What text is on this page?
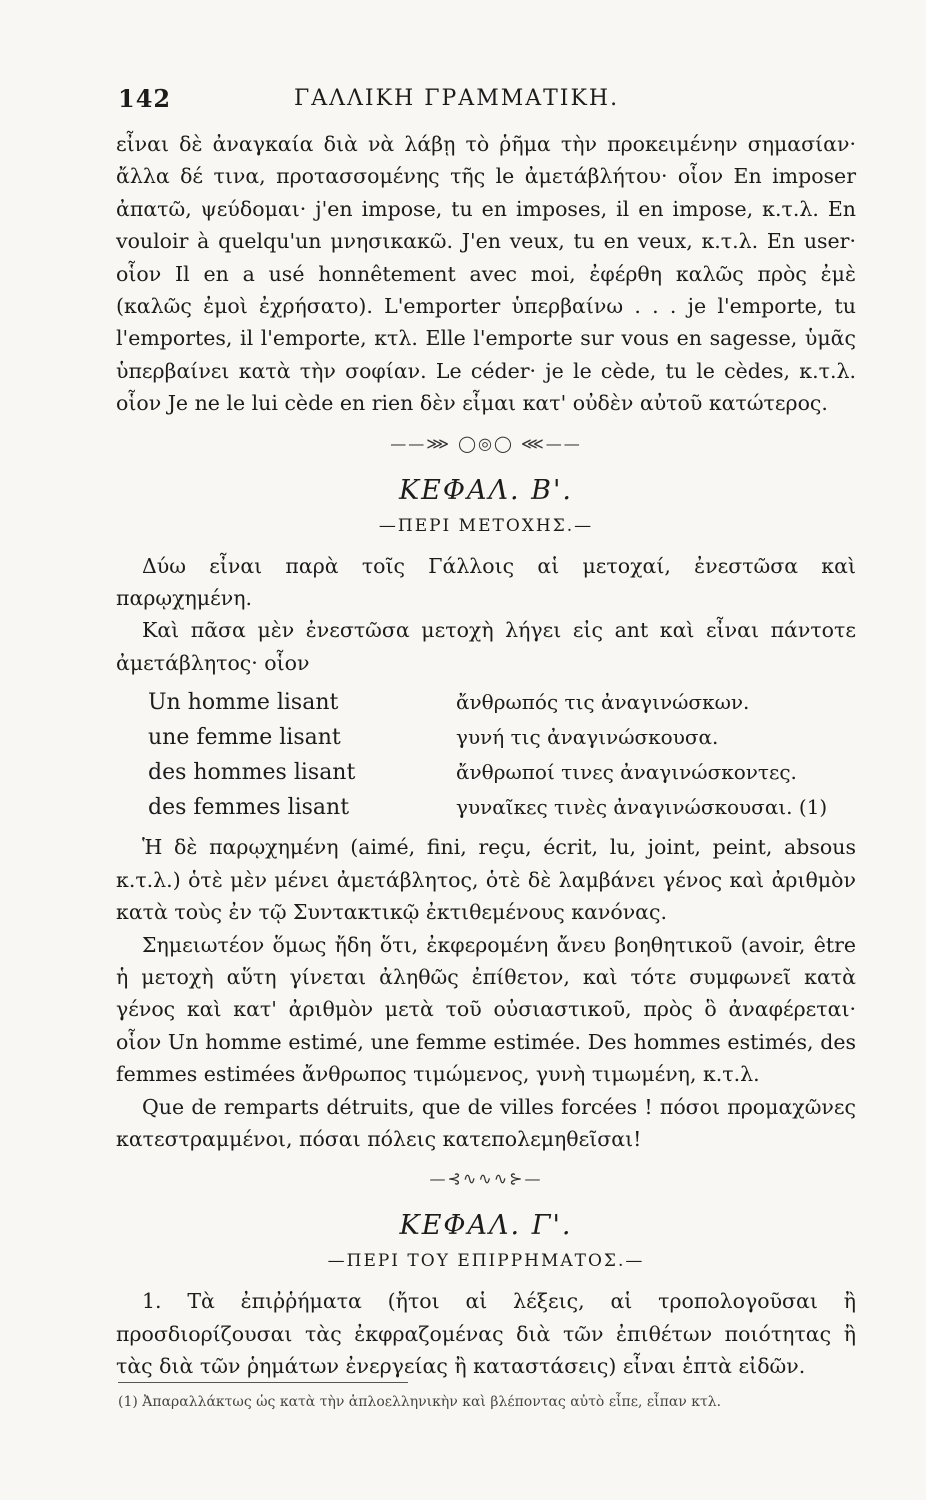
142	ΓΑΛΛΙΚΗ ΓΡΑΜΜΑΤΙΚΗ.

εἶναι δὲ ἀναγκαία διὰ νὰ λάβῃ τὸ ῥῆμα τὴν προκειμένην σημασίαν· ἄλλα δέ τινα, προτασσομένης τῆς le ἀμετάβλήτου· οἷον En imposer ἀπατῶ, ψεύδομαι· j'en impose, tu en imposes, il en impose, κ.τ.λ. En vouloir à quelqu'un μνησικακῶ. J'en veux, tu en veux, κ.τ.λ. En user· οἷον Il en a usé honnêtement avec moi, ἐφέρθη καλῶς πρὸς ἐμὲ (καλῶς ἐμοὶ ἐχρήσατο). L'emporter ὑπερβαίνω . . . je l'emporte, tu l'emportes, il l'emporte, κτλ. Elle l'emporte sur vous en sagesse, ὑμᾶς ὑπερβαίνει κατὰ τὴν σοφίαν. Le céder· je le cède, tu le cèdes, κ.τ.λ. οἷον Je ne le lui cède en rien δὲν εἶμαι κατ' οὐδὲν αὐτοῦ κατώτερος.

——⋙ ◯◎◯ ⋘——
ΚΕΦΑΛ. Β'.
—ΠΕΡΙ ΜΕΤΟΧΗΣ.—

Δύω εἶναι παρὰ τοῖς Γάλλοις αἱ μετοχαί, ἐνεστῶσα καὶ παρῳχημένη.

Καὶ πᾶσα μὲν ἐνεστῶσα μετοχὴ λήγει εἰς ant καὶ εἶναι πάντοτε ἀμετάβλητος· οἷον

Un homme lisant	ἄνθρωπός τις ἀναγινώσκων.
une femme lisant	γυνή τις ἀναγινώσκουσα.
des hommes lisant	ἄνθρωποί τινες ἀναγινώσκοντες.
des femmes lisant	γυναῖκες τινὲς ἀναγινώσκουσαι. (1)

Ἡ δὲ παρῳχημένη (aimé, fini, reçu, écrit, lu, joint, peint, absous κ.τ.λ.) ὁτὲ μὲν μένει ἀμετάβλητος, ὁτὲ δὲ λαμβάνει γένος καὶ ἀριθμὸν κατὰ τοὺς ἐν τῷ Συντακτικῷ ἐκτιθεμένους κανόνας.

Σημειωτέον ὅμως ἤδη ὅτι, ἐκφερομένη ἄνευ βοηθητικοῦ (avoir, être ἡ μετοχὴ αὕτη γίνεται ἀληθῶς ἐπίθετον, καὶ τότε συμφωνεῖ κατὰ γένος καὶ κατ' ἀριθμὸν μετὰ τοῦ οὐσιαστικοῦ, πρὸς ὃ ἀναφέρεται· οἷον Un homme estimé, une femme estimée. Des hommes estimés, des femmes estimées ἄνθρωπος τιμώμενος, γυνὴ τιμωμένη, κ.τ.λ.

Que de remparts détruits, que de villes forcées ! πόσοι προμαχῶνες κατεστραμμένοι, πόσαι πόλεις κατεπολεμηθεῖσαι!

—⊰∿∿∿⊱—
ΚΕΦΑΛ. Γ'.
—ΠΕΡΙ ΤΟΥ ΕΠΙΡΡΗΜΑΤΟΣ.—

1. Τὰ ἐπιῤῥήματα (ἤτοι αἱ λέξεις, αἱ τροπολογοῦσαι ἢ προσδιορίζουσαι τὰς ἐκφραζομένας διὰ τῶν ἐπιθέτων ποιότητας ἢ τὰς διὰ τῶν ῥημάτων ἐνεργείας ἢ καταστάσεις) εἶναι ἑπτὰ εἰδῶν.

(1) Ἀπαραλλάκτως ὡς κατὰ τὴν ἁπλοελληνικὴν καὶ βλέποντας αὐτὸ εἶπε, εἶπαν κτλ.
